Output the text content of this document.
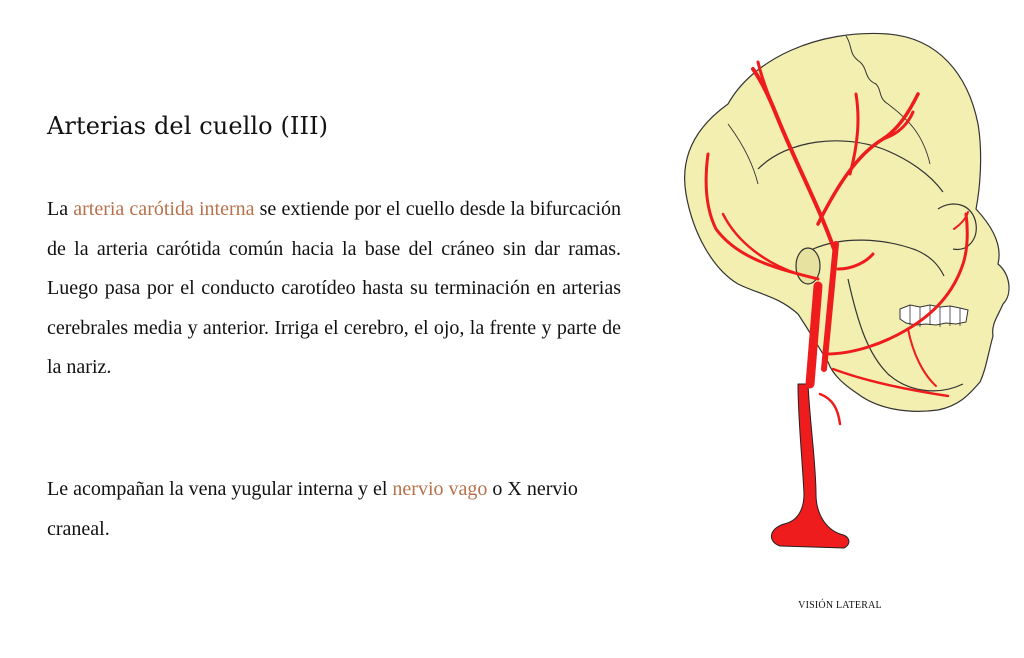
Arterias del cuello (III)

La arteria carótida interna se extiende por el cuello desde la bifurcación de la arteria carótida común hacia la base del cráneo sin dar ramas. Luego pasa por el conducto carotídeo hasta su terminación en arterias cerebrales media y anterior. Irriga el cerebro, el ojo, la frente y parte de la nariz.

Le acompañan la vena yugular interna y el nervio vago o X nervio craneal.

VISIÓN LATERAL
